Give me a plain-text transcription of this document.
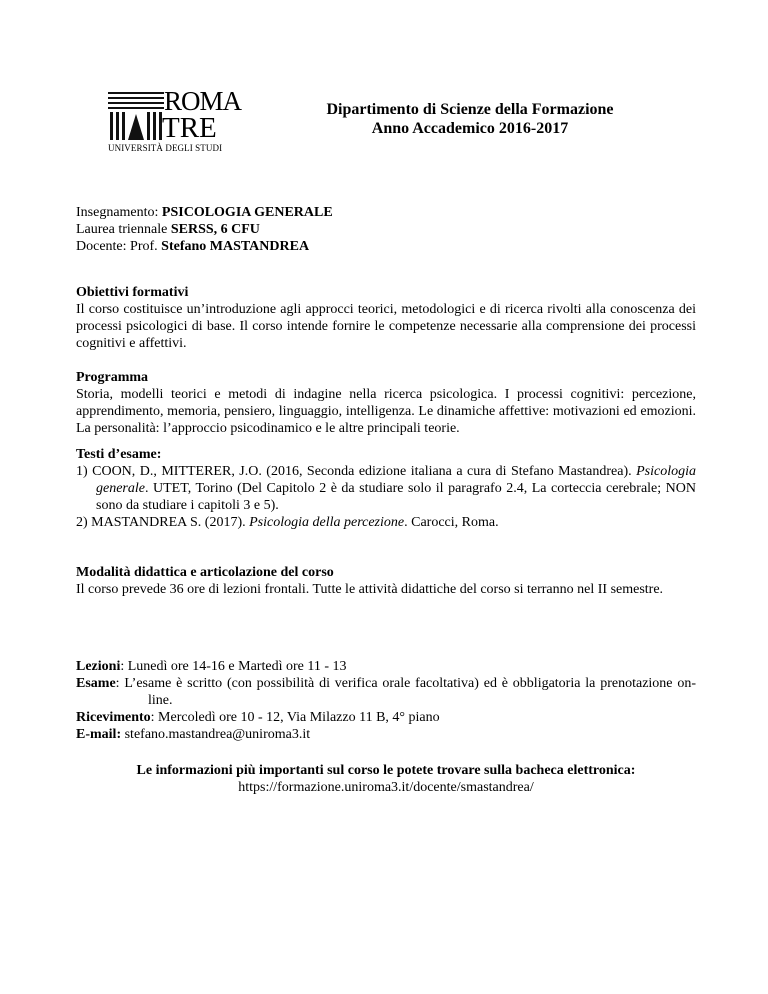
ROMA
TRE
UNIVERSITÀ DEGLI STUDI
Dipartimento di Scienze della Formazione
Anno Accademico 2016-2017
Insegnamento: PSICOLOGIA GENERALE
Laurea triennale SERSS, 6 CFU
Docente: Prof. Stefano MASTANDREA
Obiettivi formativi
Il corso costituisce un’introduzione agli approcci teorici, metodologici e di ricerca rivolti alla conoscenza dei processi psicologici di base. Il corso intende fornire le competenze necessarie alla comprensione dei processi cognitivi e affettivi.
Programma
Storia, modelli teorici e metodi di indagine nella ricerca psicologica. I processi cognitivi: percezione, apprendimento, memoria, pensiero, linguaggio, intelligenza. Le dinamiche affettive: motivazioni ed emozioni. La personalità: l’approccio psicodinamico e le altre principali teorie.
Testi d’esame:
1) COON, D., MITTERER, J.O. (2016, Seconda edizione italiana a cura di Stefano Mastandrea). Psicologia generale. UTET, Torino (Del Capitolo 2 è da studiare solo il paragrafo 2.4, La corteccia cerebrale; NON sono da studiare i capitoli 3 e 5).
2) MASTANDREA S. (2017). Psicologia della percezione. Carocci, Roma.
Modalità didattica e articolazione del corso
Il corso prevede 36 ore di lezioni frontali. Tutte le attività didattiche del corso si terranno nel II semestre.
Lezioni: Lunedì ore 14-16 e Martedì ore 11 - 13
Esame: L’esame è scritto (con possibilità di verifica orale facoltativa) ed è obbligatoria la prenotazione on-line.
Ricevimento: Mercoledì ore 10 - 12, Via Milazzo 11 B, 4° piano
E-mail: stefano.mastandrea@uniroma3.it
Le informazioni più importanti sul corso le potete trovare sulla bacheca elettronica:
https://formazione.uniroma3.it/docente/smastandrea/
